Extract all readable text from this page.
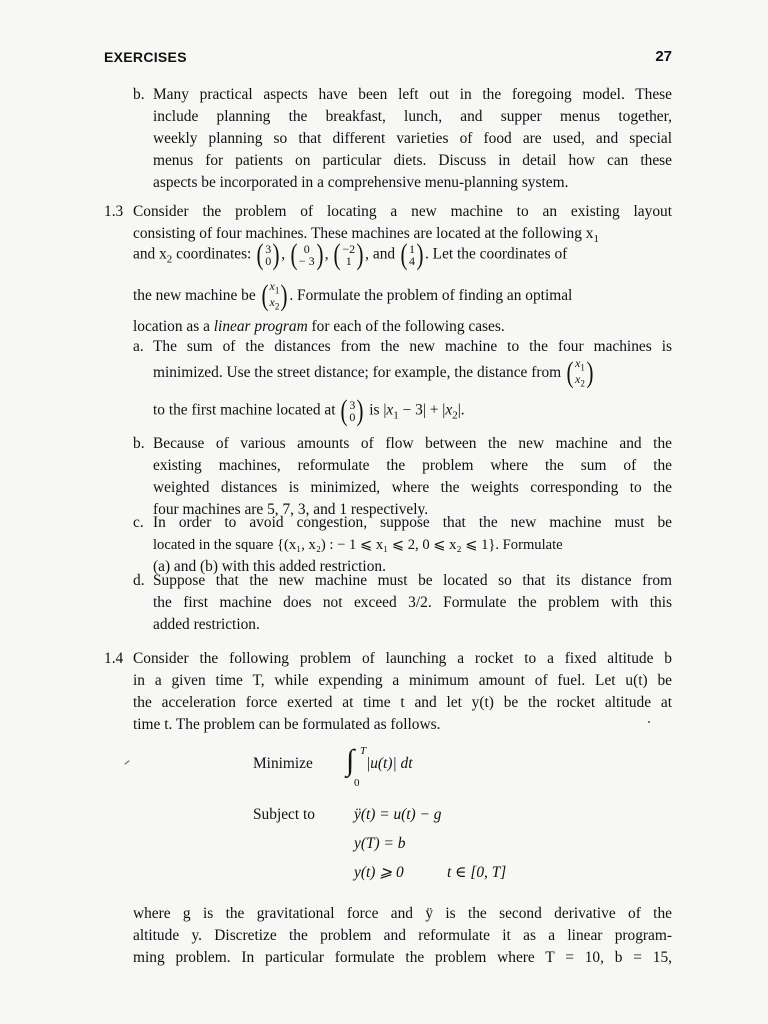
EXERCISES	27
b. Many practical aspects have been left out in the foregoing model. These
include planning the breakfast, lunch, and supper menus together,
weekly planning so that different varieties of food are used, and special
menus for patients on particular diets. Discuss in detail how can these
aspects be incorporated in a comprehensive menu-planning system.
1.3 Consider the problem of locating a new machine to an existing layout
consisting of four machines. These machines are located at the following $x_1$
and $x_2$ coordinates: ( 3
0 ), ( 0
− 3 ), ( −2
1 ), and ( 1
4 ). Let the coordinates of
the new machine be ( $x_1$
$x_2$ ). Formulate the problem of finding an optimal
location as a linear program for each of the following cases.
a. The sum of the distances from the new machine to the four machines is
minimized. Use the street distance; for example, the distance from ( $x_1$
$x_2$ )
to the first machine located at ( 3
0 ) is $|x_1 - 3| + |x_2|$.
b. Because of various amounts of flow between the new machine and the
existing machines, reformulate the problem where the sum of the
weighted distances is minimized, where the weights corresponding to the
four machines are 5, 7, 3, and 1 respectively.
c. In order to avoid congestion, suppose that the new machine must be
located in the square {(x₁, x₂) : − 1 ⩽ x₁ ⩽ 2, 0 ⩽ x₂ ⩽ 1}. Formulate
(a) and (b) with this added restriction.
d. Suppose that the new machine must be located so that its distance from
the first machine does not exceed 3/2. Formulate the problem with this
added restriction.
1.4 Consider the following problem of launching a rocket to a fixed altitude b
in a given time T, while expending a minimum amount of fuel. Let u(t) be
the acceleration force exerted at time t and let y(t) be the rocket altitude at
time t. The problem can be formulated as follows.
Minimize ∫ T
0
|u(t)| dt
Subject to	ÿ(t) = u(t) − g
y(T) = b
y(t) ⩾ 0	t ∈ [0, T]
where g is the gravitational force and ÿ is the second derivative of the
altitude y. Discretize the problem and reformulate it as a linear program-
ming problem. In particular formulate the problem where T = 10, b = 15,
